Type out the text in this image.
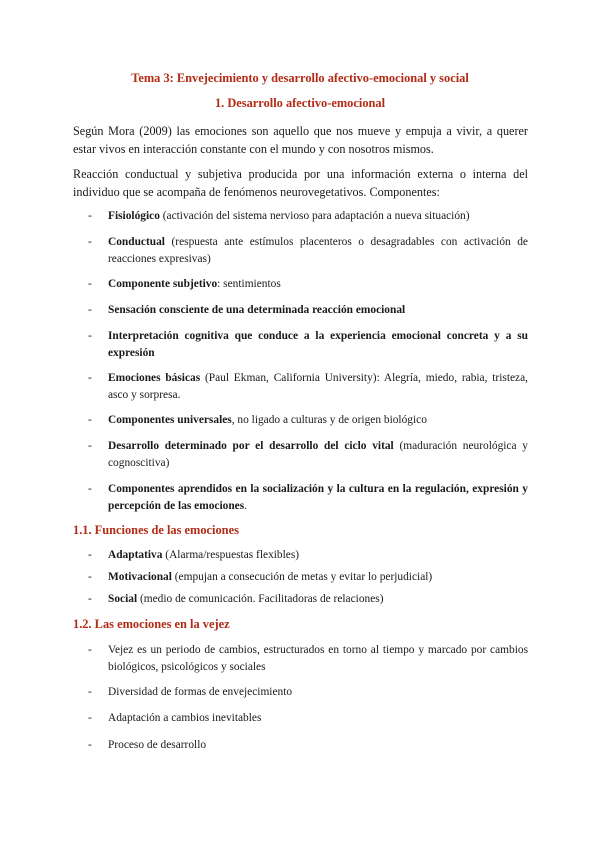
Tema 3: Envejecimiento y desarrollo afectivo-emocional y social
1. Desarrollo afectivo-emocional
Según Mora (2009) las emociones son aquello que nos mueve y empuja a vivir, a querer estar vivos en interacción constante con el mundo y con nosotros mismos.
Reacción conductual y subjetiva producida por una información externa o interna del individuo que se acompaña de fenómenos neurovegetativos. Componentes:
- Fisiológico (activación del sistema nervioso para adaptación a nueva situación)
- Conductual (respuesta ante estímulos placenteros o desagradables con activación de reacciones expresivas)
- Componente subjetivo: sentimientos
- Sensación consciente de una determinada reacción emocional
- Interpretación cognitiva que conduce a la experiencia emocional concreta y a su expresión
- Emociones básicas (Paul Ekman, California University): Alegría, miedo, rabia, tristeza, asco y sorpresa.
- Componentes universales, no ligado a culturas y de origen biológico
- Desarrollo determinado por el desarrollo del ciclo vital (maduración neurológica y cognoscitiva)
- Componentes aprendidos en la socialización y la cultura en la regulación, expresión y percepción de las emociones.
1.1. Funciones de las emociones
- Adaptativa (Alarma/respuestas flexibles)
- Motivacional (empujan a consecución de metas y evitar lo perjudicial)
- Social (medio de comunicación. Facilitadoras de relaciones)
1.2. Las emociones en la vejez
- Vejez es un periodo de cambios, estructurados en torno al tiempo y marcado por cambios biológicos, psicológicos y sociales
- Diversidad de formas de envejecimiento
- Adaptación a cambios inevitables
- Proceso de desarrollo
